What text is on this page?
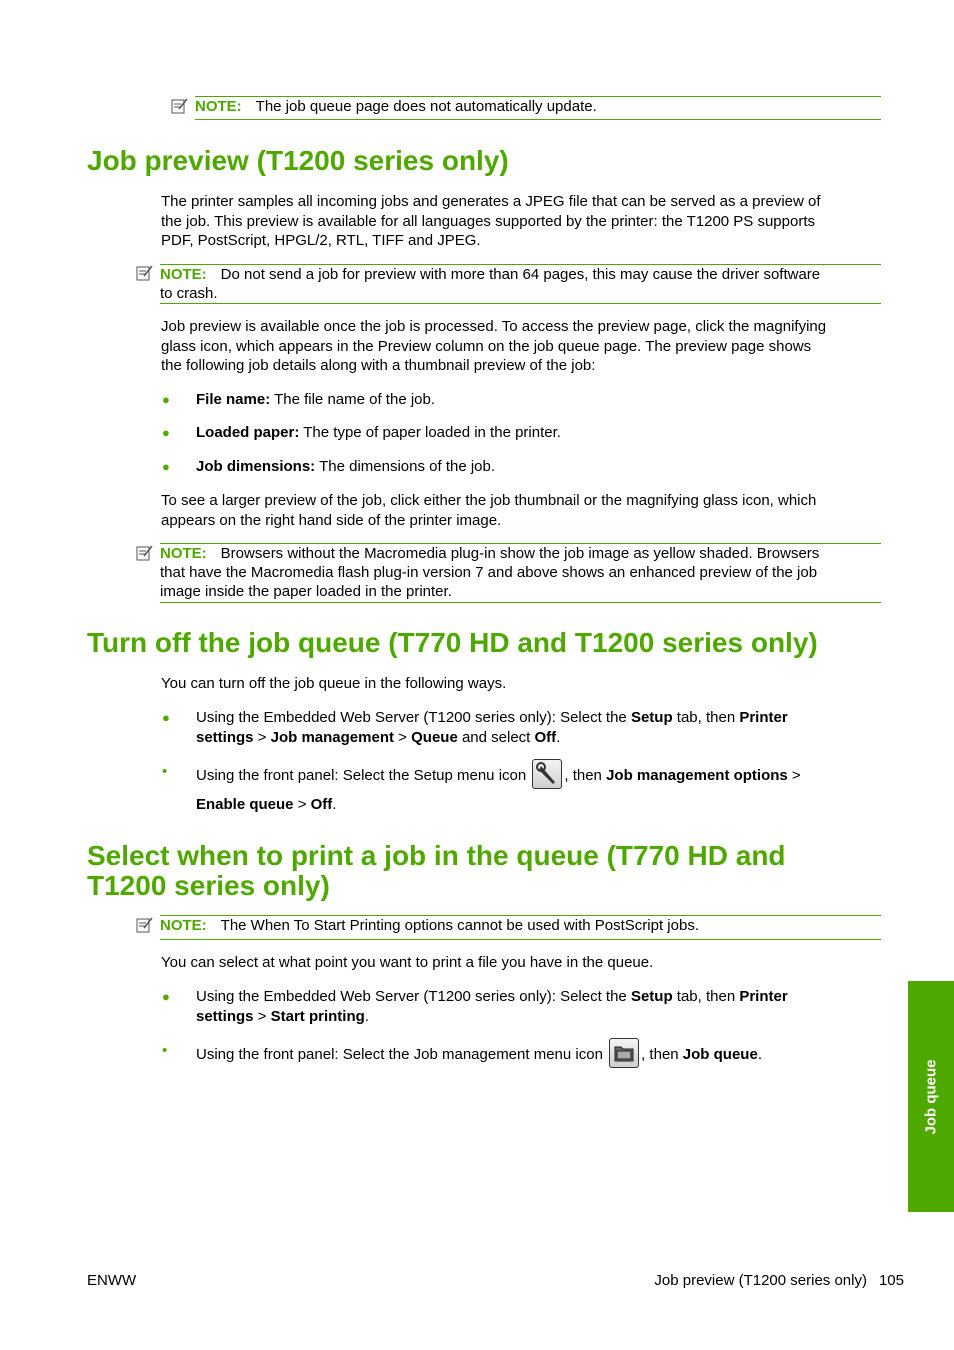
NOTE: The job queue page does not automatically update.
Job preview (T1200 series only)
The printer samples all incoming jobs and generates a JPEG file that can be served as a preview of
the job. This preview is available for all languages supported by the printer: the T1200 PS supports
PDF, PostScript, HPGL/2, RTL, TIFF and JPEG.
NOTE: Do not send a job for preview with more than 64 pages, this may cause the driver software
to crash.
Job preview is available once the job is processed. To access the preview page, click the magnifying
glass icon, which appears in the Preview column on the job queue page. The preview page shows
the following job details along with a thumbnail preview of the job:
● File name: The file name of the job.
● Loaded paper: The type of paper loaded in the printer.
● Job dimensions: The dimensions of the job.
To see a larger preview of the job, click either the job thumbnail or the magnifying glass icon, which
appears on the right hand side of the printer image.
NOTE: Browsers without the Macromedia plug-in show the job image as yellow shaded. Browsers
that have the Macromedia flash plug-in version 7 and above shows an enhanced preview of the job
image inside the paper loaded in the printer.
Turn off the job queue (T770 HD and T1200 series only)
You can turn off the job queue in the following ways.
● Using the Embedded Web Server (T1200 series only): Select the Setup tab, then Printer
settings > Job management > Queue and select Off.
• Using the front panel: Select the Setup menu icon , then Job management options >
Enable queue > Off.
Select when to print a job in the queue (T770 HD and
T1200 series only)
NOTE: The When To Start Printing options cannot be used with PostScript jobs.
You can select at what point you want to print a file you have in the queue.
● Using the Embedded Web Server (T1200 series only): Select the Setup tab, then Printer
settings > Start printing.
• Using the front panel: Select the Job management menu icon , then Job queue.
Job queue
ENWW	Job preview (T1200 series only) 105
